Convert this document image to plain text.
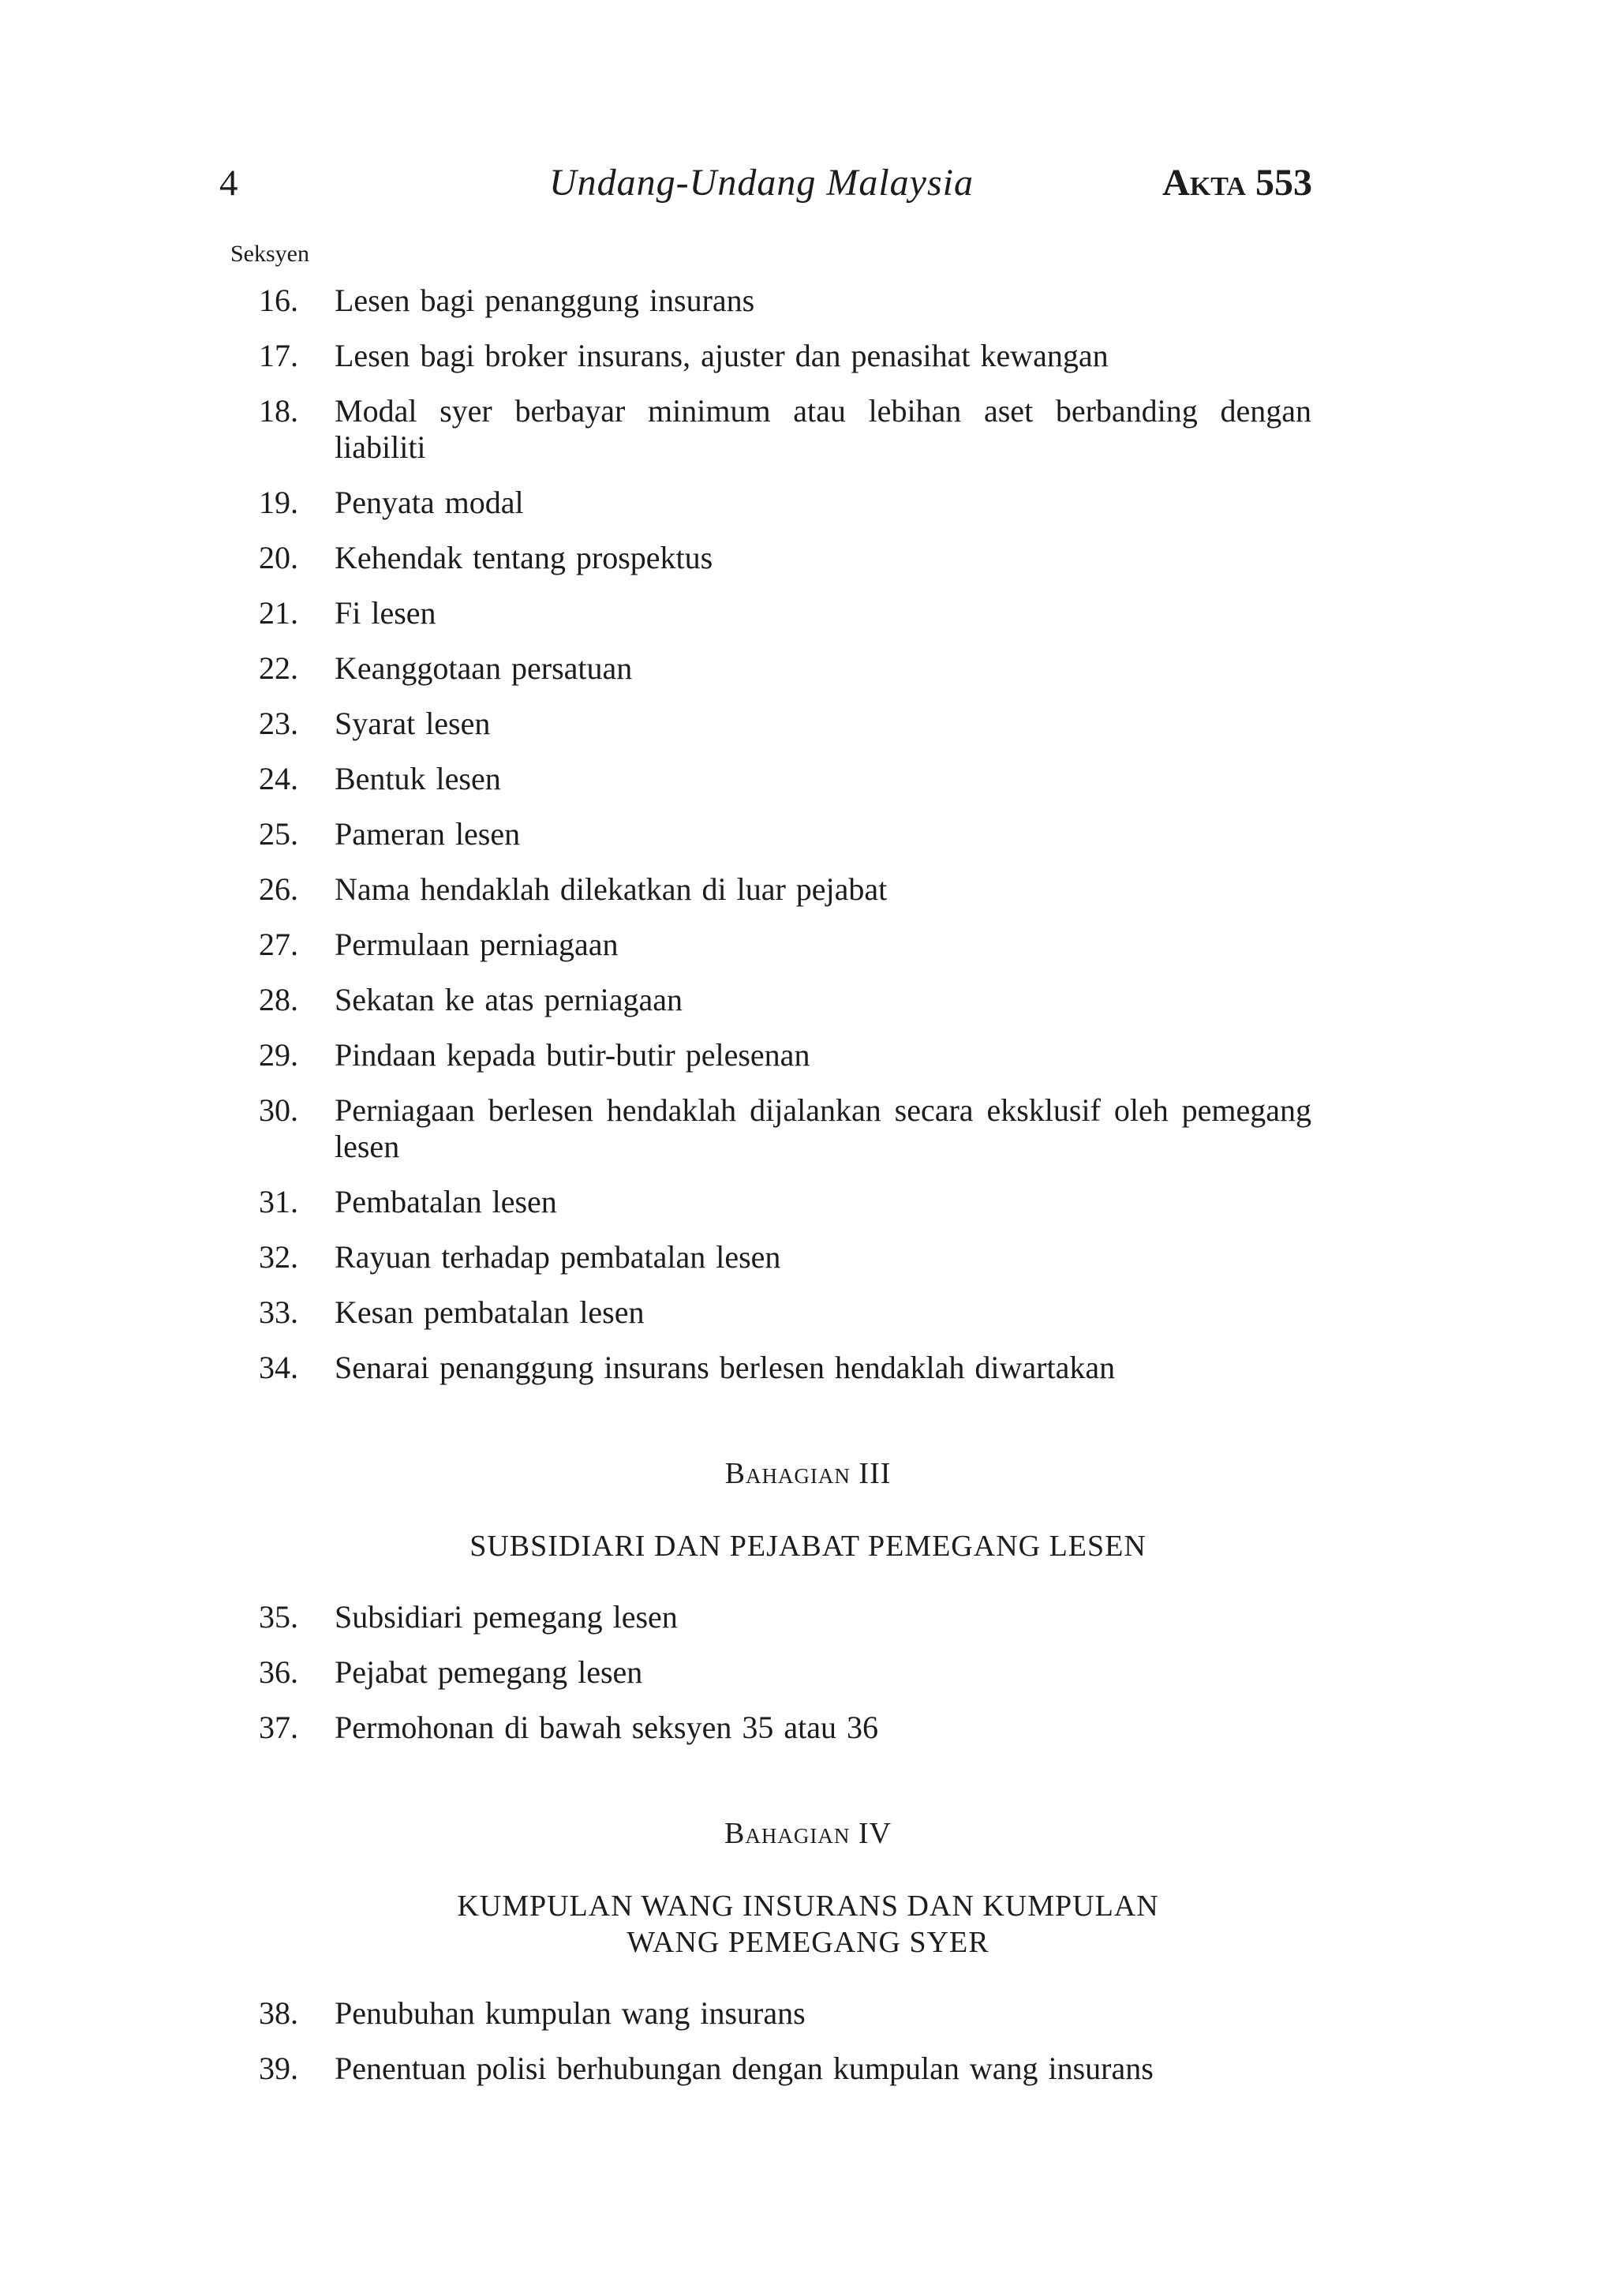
4	Undang-Undang Malaysia	Akta 553
Seksyen
16. Lesen bagi penanggung insurans
17. Lesen bagi broker insurans, ajuster dan penasihat kewangan
18. Modal syer berbayar minimum atau lebihan aset berbanding dengan liabiliti
19. Penyata modal
20. Kehendak tentang prospektus
21. Fi lesen
22. Keanggotaan persatuan
23. Syarat lesen
24. Bentuk lesen
25. Pameran lesen
26. Nama hendaklah dilekatkan di luar pejabat
27. Permulaan perniagaan
28. Sekatan ke atas perniagaan
29. Pindaan kepada butir-butir pelesenan
30. Perniagaan berlesen hendaklah dijalankan secara eksklusif oleh pemegang lesen
31. Pembatalan lesen
32. Rayuan terhadap pembatalan lesen
33. Kesan pembatalan lesen
34. Senarai penanggung insurans berlesen hendaklah diwartakan
Bahagian III
SUBSIDIARI DAN PEJABAT PEMEGANG LESEN
35. Subsidiari pemegang lesen
36. Pejabat pemegang lesen
37. Permohonan di bawah seksyen 35 atau 36
Bahagian IV
KUMPULAN WANG INSURANS DAN KUMPULAN
WANG PEMEGANG SYER
38. Penubuhan kumpulan wang insurans
39. Penentuan polisi berhubungan dengan kumpulan wang insurans
